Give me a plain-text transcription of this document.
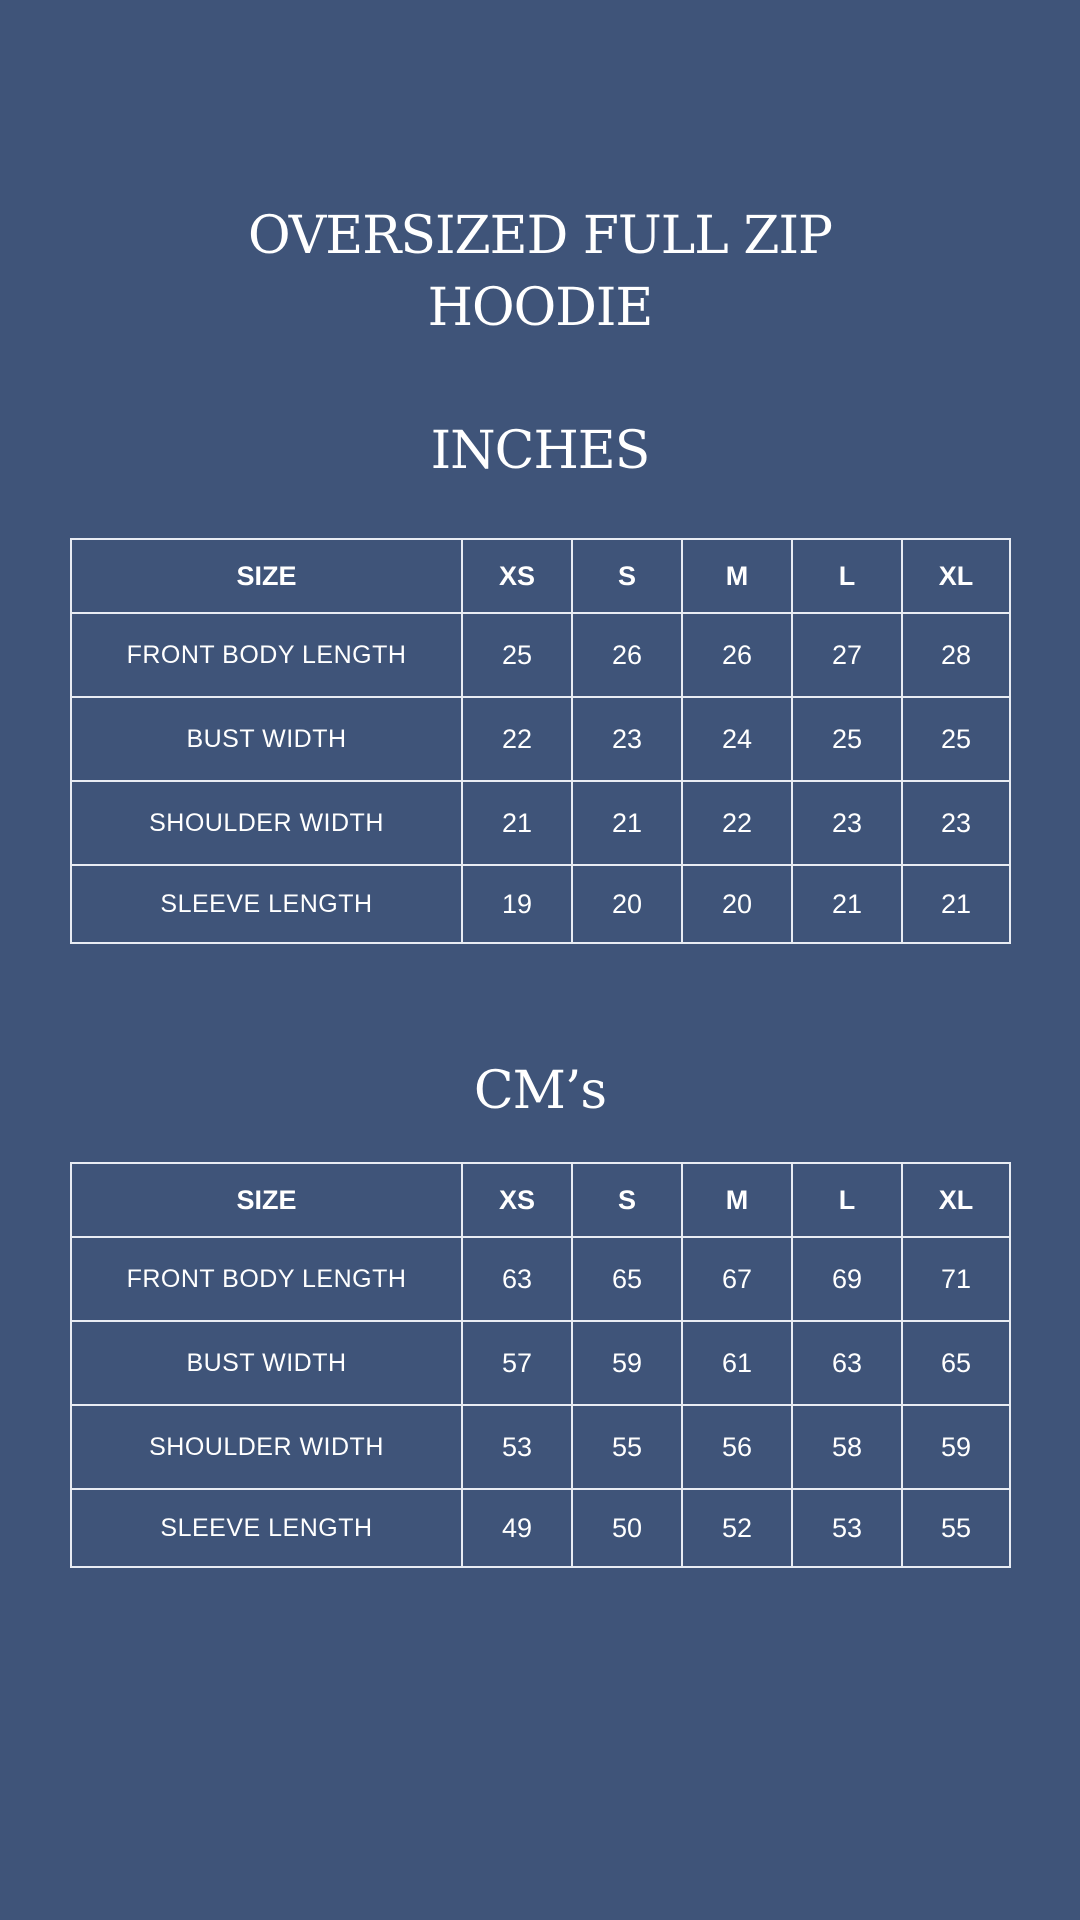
OVERSIZED FULL ZIP
HOODIE
INCHES
SIZE	XS	S	M	L	XL
FRONT BODY LENGTH	25	26	26	27	28
BUST WIDTH	22	23	24	25	25
SHOULDER WIDTH	21	21	22	23	23
SLEEVE LENGTH	19	20	20	21	21
CM’s
SIZE	XS	S	M	L	XL
FRONT BODY LENGTH	63	65	67	69	71
BUST WIDTH	57	59	61	63	65
SHOULDER WIDTH	53	55	56	58	59
SLEEVE LENGTH	49	50	52	53	55
